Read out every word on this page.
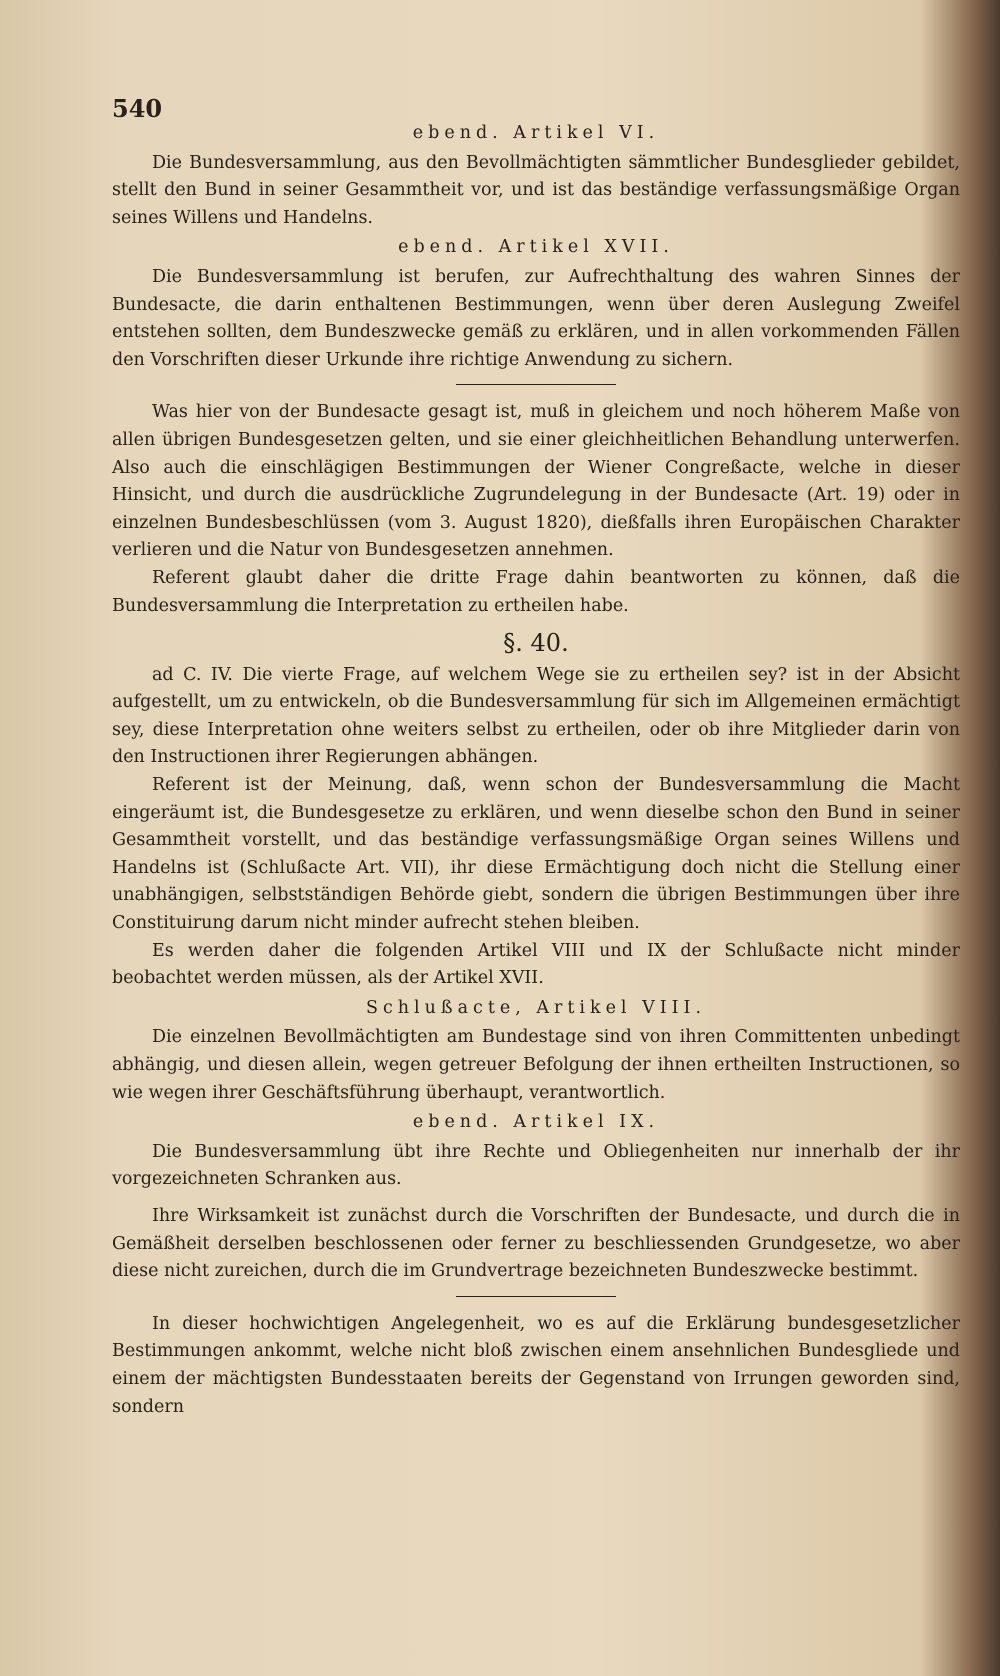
540
ebend. Artikel VI.

Die Bundesversammlung, aus den Bevollmächtigten sämmtlicher Bundesglieder gebildet, stellt den Bund in seiner Gesammtheit vor, und ist das beständige verfassungsmäßige Organ seines Willens und Handelns.

ebend. Artikel XVII.

Die Bundesversammlung ist berufen, zur Aufrechthaltung des wahren Sinnes der Bundesacte, die darin enthaltenen Bestimmungen, wenn über deren Auslegung Zweifel entstehen sollten, dem Bundeszwecke gemäß zu erklären, und in allen vorkommenden Fällen den Vorschriften dieser Urkunde ihre richtige Anwendung zu sichern.

Was hier von der Bundesacte gesagt ist, muß in gleichem und noch höherem Maße von allen übrigen Bundesgesetzen gelten, und sie einer gleichheitlichen Behandlung unterwerfen. Also auch die einschlägigen Bestimmungen der Wiener Congreßacte, welche in dieser Hinsicht, und durch die ausdrückliche Zugrundelegung in der Bundesacte (Art. 19) oder in einzelnen Bundesbeschlüssen (vom 3. August 1820), dießfalls ihren Europäischen Charakter verlieren und die Natur von Bundesgesetzen annehmen.

Referent glaubt daher die dritte Frage dahin beantworten zu können, daß die Bundesversammlung die Interpretation zu ertheilen habe.

§. 40.

ad C. IV. Die vierte Frage, auf welchem Wege sie zu ertheilen sey? ist in der Absicht aufgestellt, um zu entwickeln, ob die Bundesversammlung für sich im Allgemeinen ermächtigt sey, diese Interpretation ohne weiters selbst zu ertheilen, oder ob ihre Mitglieder darin von den Instructionen ihrer Regierungen abhängen.

Referent ist der Meinung, daß, wenn schon der Bundesversammlung die Macht eingeräumt ist, die Bundesgesetze zu erklären, und wenn dieselbe schon den Bund in seiner Gesammtheit vorstellt, und das beständige verfassungsmäßige Organ seines Willens und Handelns ist (Schlußacte Art. VII), ihr diese Ermächtigung doch nicht die Stellung einer unabhängigen, selbstständigen Behörde giebt, sondern die übrigen Bestimmungen über ihre Constituirung darum nicht minder aufrecht stehen bleiben.

Es werden daher die folgenden Artikel VIII und IX der Schlußacte nicht minder beobachtet werden müssen, als der Artikel XVII.

Schlußacte, Artikel VIII.

Die einzelnen Bevollmächtigten am Bundestage sind von ihren Committenten unbedingt abhängig, und diesen allein, wegen getreuer Befolgung der ihnen ertheilten Instructionen, so wie wegen ihrer Geschäftsführung überhaupt, verantwortlich.

ebend. Artikel IX.

Die Bundesversammlung übt ihre Rechte und Obliegenheiten nur innerhalb der ihr vorgezeichneten Schranken aus.

Ihre Wirksamkeit ist zunächst durch die Vorschriften der Bundesacte, und durch die in Gemäßheit derselben beschlossenen oder ferner zu beschliessenden Grundgesetze, wo aber diese nicht zureichen, durch die im Grundvertrage bezeichneten Bundeszwecke bestimmt.

In dieser hochwichtigen Angelegenheit, wo es auf die Erklärung bundesgesetzlicher Bestimmungen ankommt, welche nicht bloß zwischen einem ansehnlichen Bundesgliede und einem der mächtigsten Bundesstaaten bereits der Gegenstand von Irrungen geworden sind, sondern
